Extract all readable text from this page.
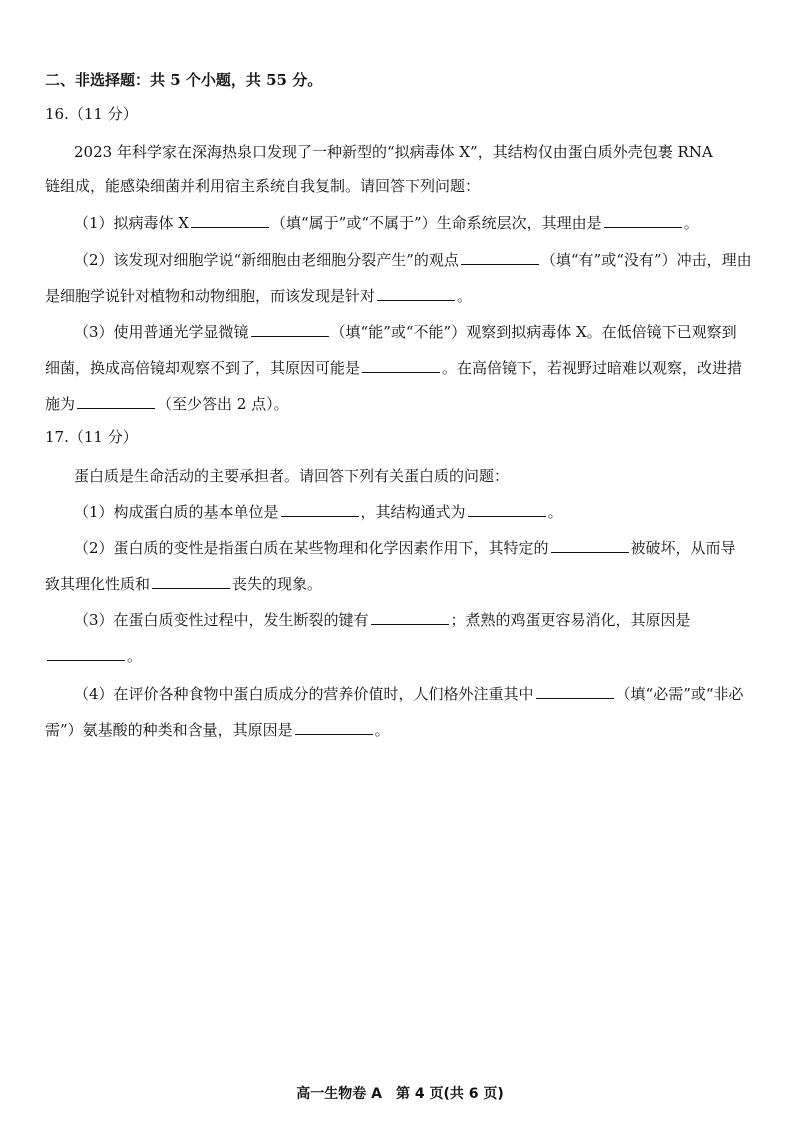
二、非选择题：共 5 个小题，共 55 分。
16.（11 分）
2023 年科学家在深海热泉口发现了一种新型的“拟病毒体 X”，其结构仅由蛋白质外壳包裹 RNA
链组成，能感染细菌并利用宿主系统自我复制。请回答下列问题：
（1）拟病毒体 X	（填“属于”或“不属于”）生命系统层次，其理由是	。
（2）该发现对细胞学说“新细胞由老细胞分裂产生”的观点	（填“有”或“没有”）冲击，理由
是细胞学说针对植物和动物细胞，而该发现是针对	。
（3）使用普通光学显微镜	（填“能”或“不能”）观察到拟病毒体 X。在低倍镜下已观察到
细菌，换成高倍镜却观察不到了，其原因可能是	。在高倍镜下，若视野过暗难以观察，改进措
施为	（至少答出 2 点）。
17.（11 分）
蛋白质是生命活动的主要承担者。请回答下列有关蛋白质的问题：
（1）构成蛋白质的基本单位是	，其结构通式为	。
（2）蛋白质的变性是指蛋白质在某些物理和化学因素作用下，其特定的	被破坏，从而导
致其理化性质和	丧失的现象。
（3）在蛋白质变性过程中，发生断裂的键有	；煮熟的鸡蛋更容易消化，其原因是
。
（4）在评价各种食物中蛋白质成分的营养价值时，人们格外注重其中	（填“必需”或“非必
需”）氨基酸的种类和含量，其原因是	。
高一生物卷 A　第 4 页(共 6 页)
